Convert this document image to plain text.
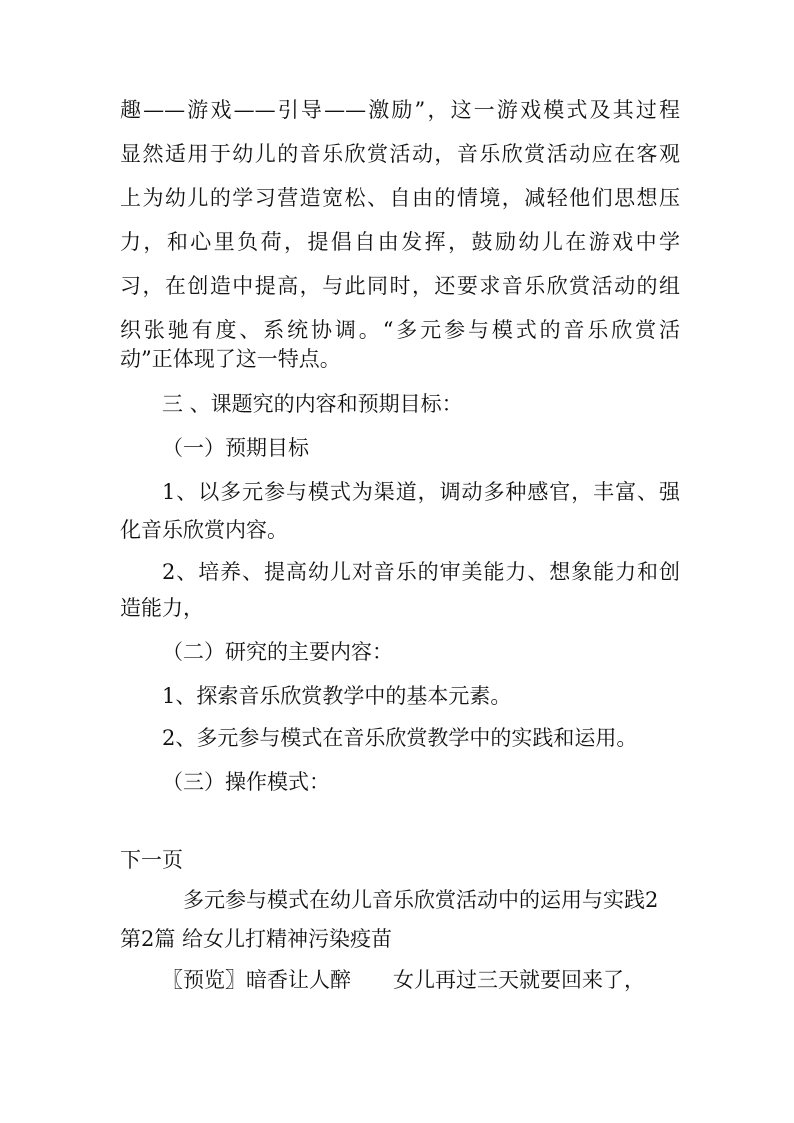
趣——游戏——引导——激励”，这一游戏模式及其过程
显然适用于幼儿的音乐欣赏活动，音乐欣赏活动应在客观
上为幼儿的学习营造宽松、自由的情境，减轻他们思想压
力，和心里负荷，提倡自由发挥，鼓励幼儿在游戏中学
习，在创造中提高，与此同时，还要求音乐欣赏活动的组
织张驰有度、系统协调。“多元参与模式的音乐欣赏活
动”正体现了这一特点。
三 、课题究的内容和预期目标：
（一）预期目标
1、以多元参与模式为渠道，调动多种感官，丰富、强
化音乐欣赏内容。
2、培养、提高幼儿对音乐的审美能力、想象能力和创
造能力，
（二）研究的主要内容：
1、探索音乐欣赏教学中的基本元素。
2、多元参与模式在音乐欣赏教学中的实践和运用。
（三）操作模式：
下一页
多元参与模式在幼儿音乐欣赏活动中的运用与实践2
第2篇 给女儿打精神污染疫苗
〖预览〗暗香让人醉　　女儿再过三天就要回来了，
